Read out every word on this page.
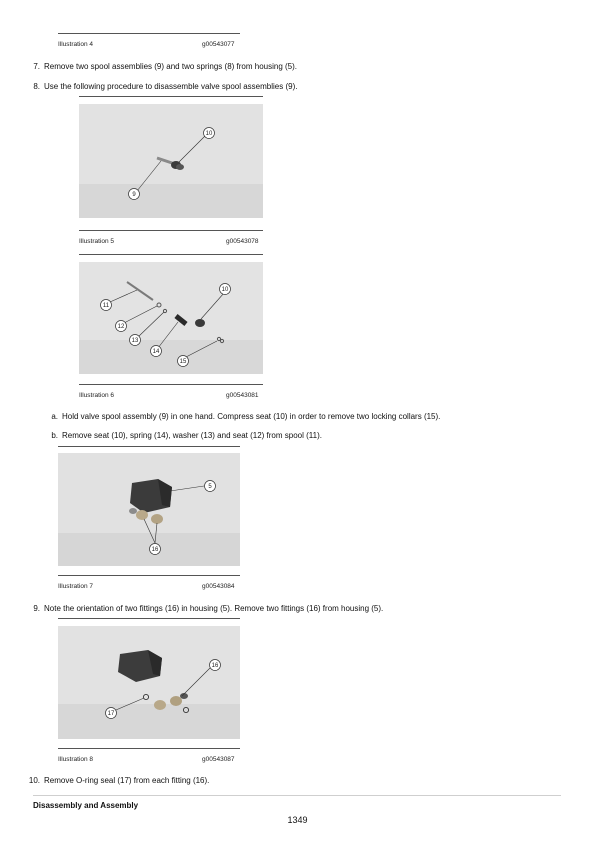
Illustration 4	g00543077
7. Remove two spool assemblies (9) and two springs (8) from housing (5).
8. Use the following procedure to disassemble valve spool assemblies (9).
10
9
Illustration 5	g00543078
10
11
12
13
14
15
Illustration 6	g00543081
a. Hold valve spool assembly (9) in one hand. Compress seat (10) in order to remove two locking collars (15).
b. Remove seat (10), spring (14), washer (13) and seat (12) from spool (11).
5
16
Illustration 7	g00543084
9. Note the orientation of two fittings (16) in housing (5). Remove two fittings (16) from housing (5).
16
17
Illustration 8	g00543087
10. Remove O-ring seal (17) from each fitting (16).
Disassembly and Assembly
1349
